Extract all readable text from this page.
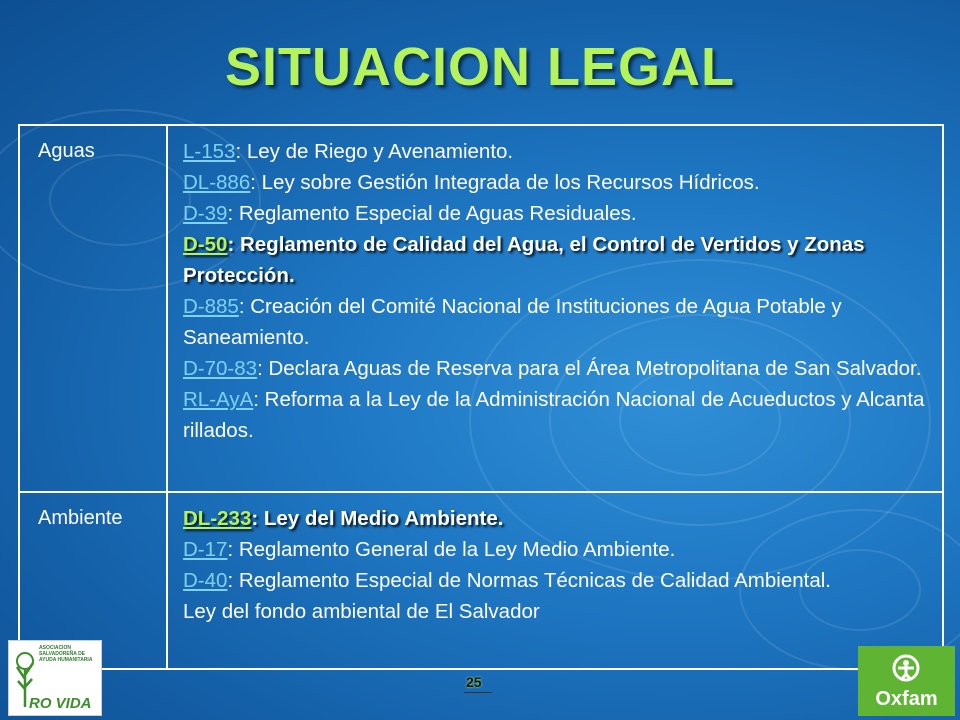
SITUACION LEGAL
Aguas	L-153: Ley de Riego y Avenamiento.
DL-886: Ley sobre Gestión Integrada de los Recursos Hídricos.
D-39: Reglamento Especial de Aguas Residuales.
D-50: Reglamento de Calidad del Agua, el Control de Vertidos y Zonas Protección.
D-885: Creación del Comité Nacional de Instituciones de Agua Potable y Saneamiento.
D-70-83: Declara Aguas de Reserva para el Área Metropolitana de San Salvador.
RL-AyA: Reforma a la Ley de la Administración Nacional de Acueductos y Alcanta rillados.
Ambiente	DL-233: Ley del Medio Ambiente.
D-17: Reglamento General de la Ley Medio Ambiente.
D-40: Reglamento Especial de Normas Técnicas de Calidad Ambiental.
Ley del fondo ambiental de El Salvador
ASOCIACION SALVADOREÑA DE AYUDA HUMANITARIA
RO VIDA
25
Oxfam
